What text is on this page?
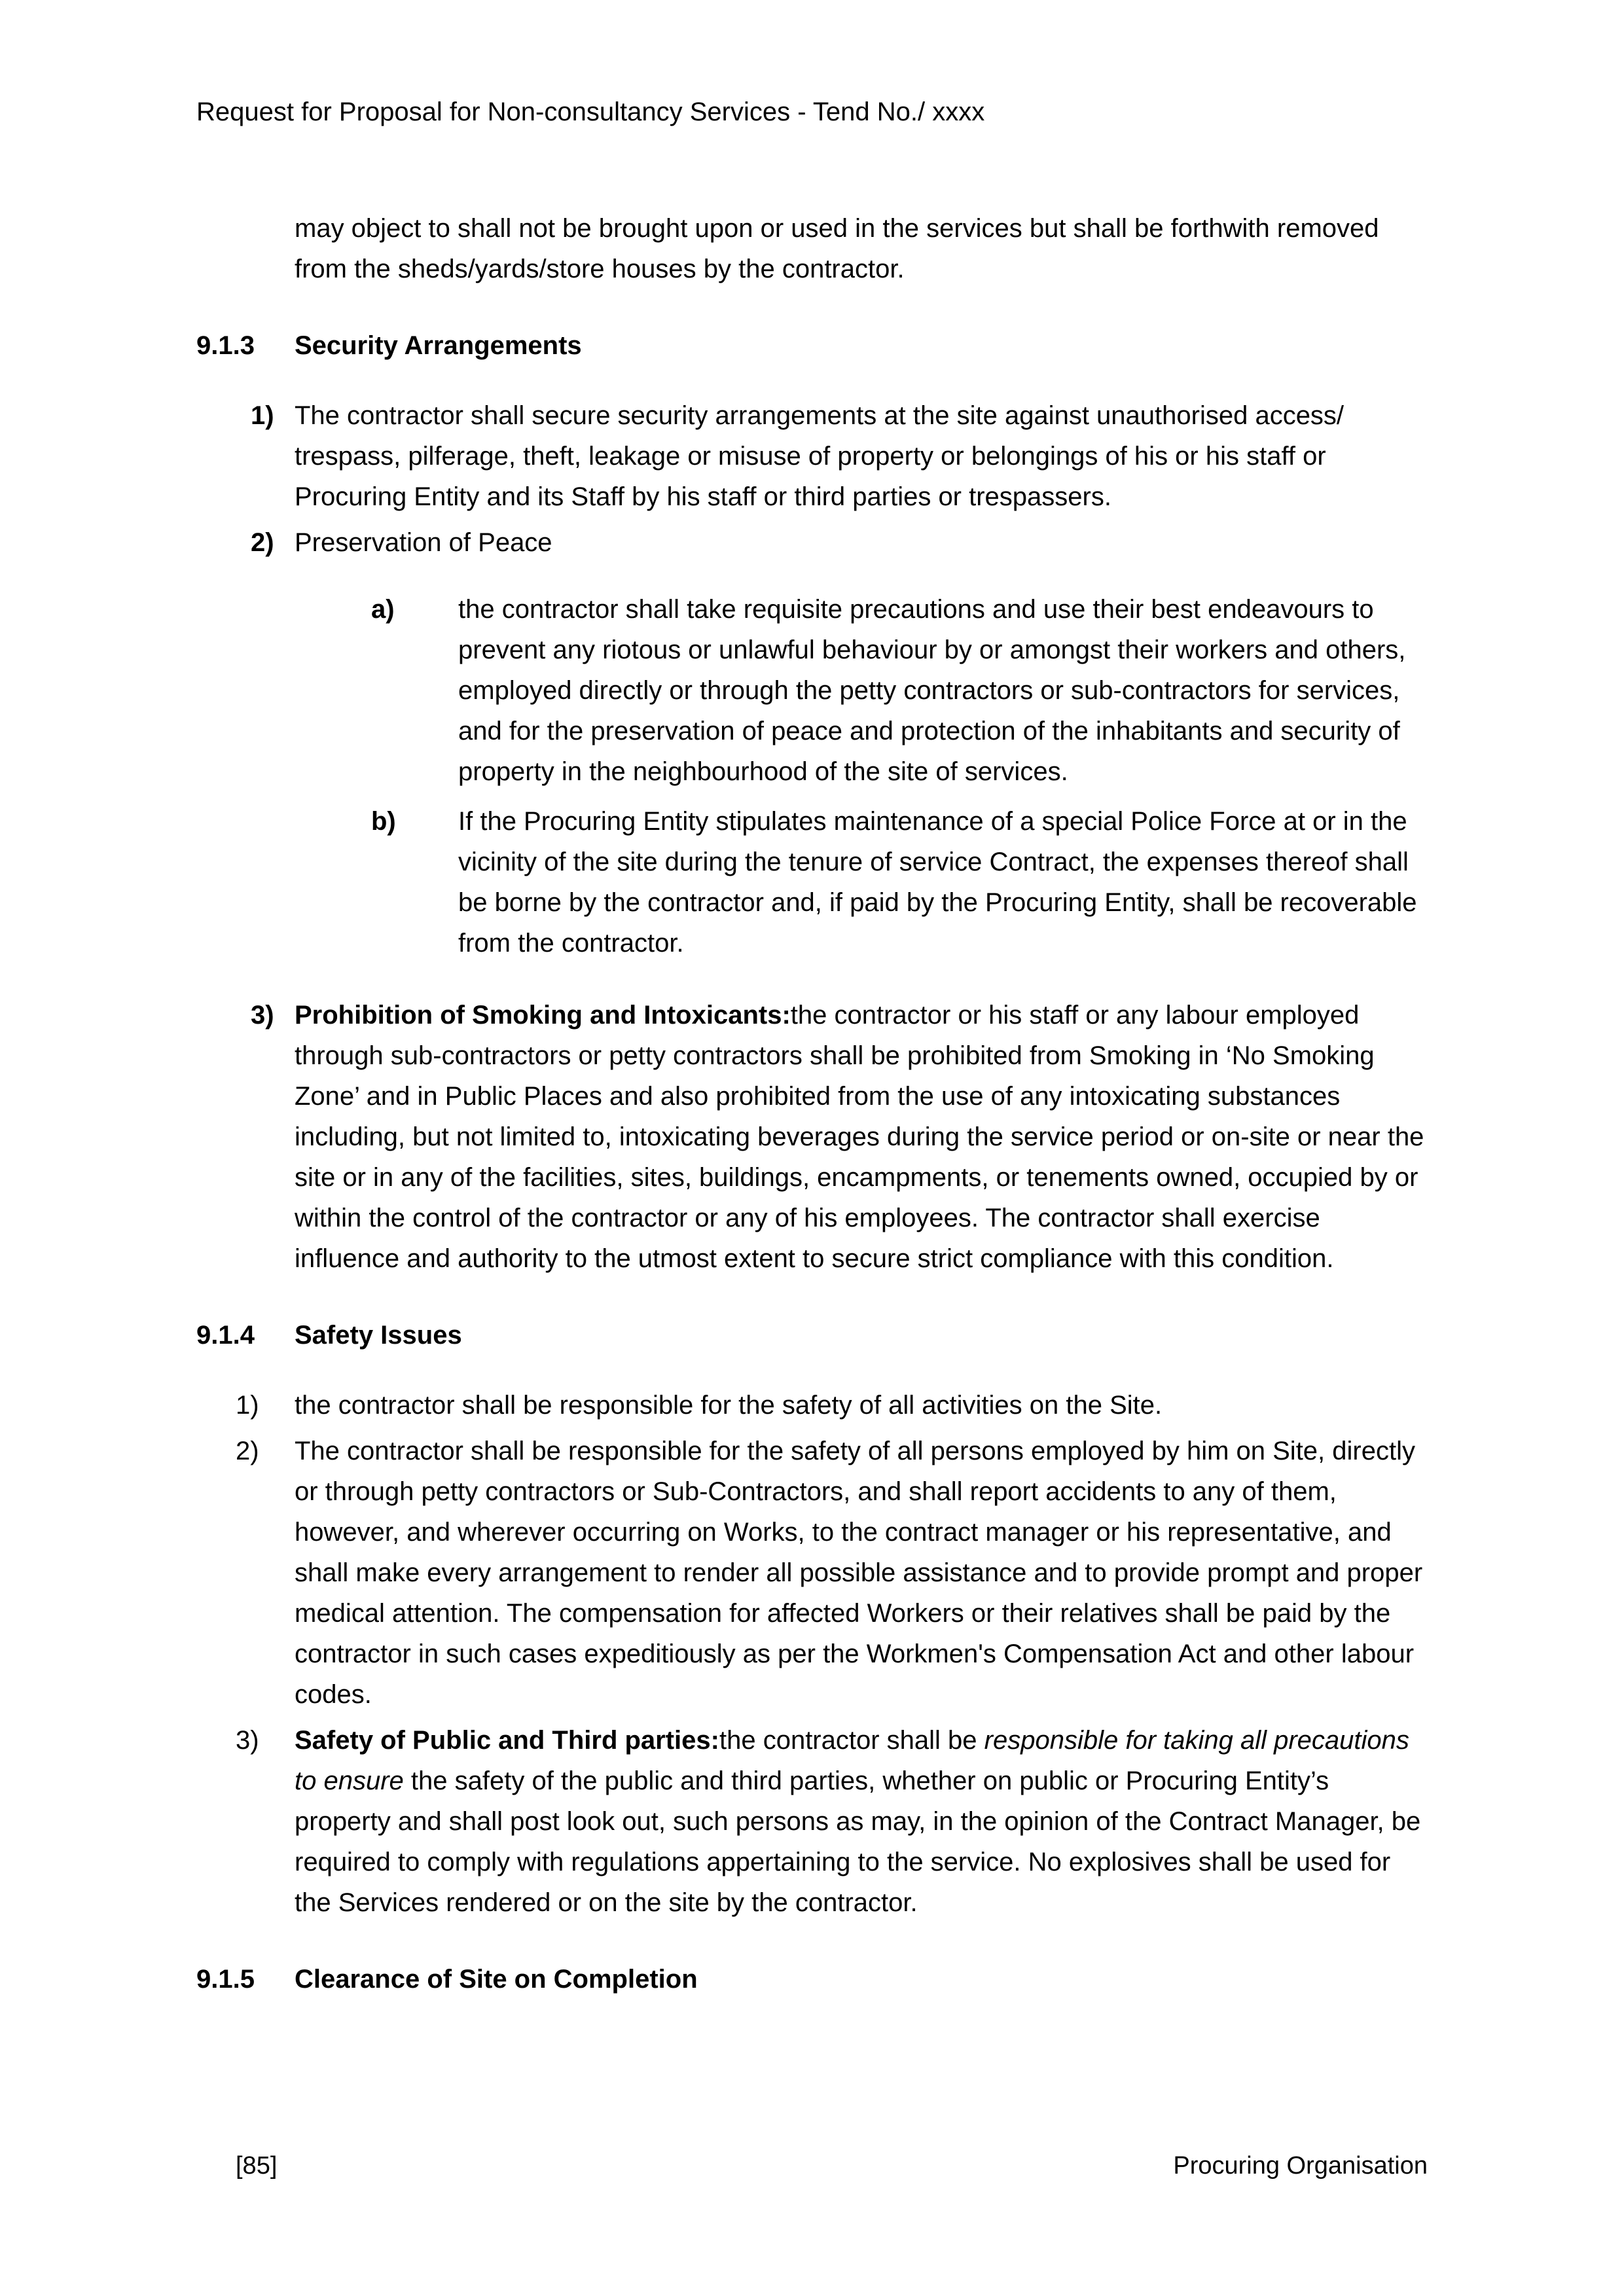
Request for Proposal for Non-consultancy Services - Tend No./ xxxx

may object to shall not be brought upon or used in the services but shall be forthwith removed from the sheds/yards/store houses by the contractor.

9.1.3	Security Arrangements
1) The contractor shall secure security arrangements at the site against unauthorised access/ trespass, pilferage, theft, leakage or misuse of property or belongings of his or his staff or Procuring Entity and its Staff by his staff or third parties or trespassers.
2) Preservation of Peace
a)	the contractor shall take requisite precautions and use their best endeavours to prevent any riotous or unlawful behaviour by or amongst their workers and others, employed directly or through the petty contractors or sub-contractors for services, and for the preservation of peace and protection of the inhabitants and security of property in the neighbourhood of the site of services.
b)	If the Procuring Entity stipulates maintenance of a special Police Force at or in the vicinity of the site during the tenure of service Contract, the expenses thereof shall be borne by the contractor and, if paid by the Procuring Entity, shall be recoverable from the contractor.
3) Prohibition of Smoking and Intoxicants:the contractor or his staff or any labour employed through sub-contractors or petty contractors shall be prohibited from Smoking in ‘No Smoking Zone’ and in Public Places and also prohibited from the use of any intoxicating substances including, but not limited to, intoxicating beverages during the service period or on-site or near the site or in any of the facilities, sites, buildings, encampments, or tenements owned, occupied by or within the control of the contractor or any of his employees. The contractor shall exercise influence and authority to the utmost extent to secure strict compliance with this condition.
9.1.4	Safety Issues
1)	the contractor shall be responsible for the safety of all activities on the Site.
2)	The contractor shall be responsible for the safety of all persons employed by him on Site, directly or through petty contractors or Sub-Contractors, and shall report accidents to any of them, however, and wherever occurring on Works, to the contract manager or his representative, and shall make every arrangement to render all possible assistance and to provide prompt and proper medical attention. The compensation for affected Workers or their relatives shall be paid by the contractor in such cases expeditiously as per the Workmen's Compensation Act and other labour codes.
3)	Safety of Public and Third parties:the contractor shall be responsible for taking all precautions to ensure the safety of the public and third parties, whether on public or Procuring Entity’s property and shall post look out, such persons as may, in the opinion of the Contract Manager, be required to comply with regulations appertaining to the service. No explosives shall be used for the Services rendered or on the site by the contractor.
9.1.5	Clearance of Site on Completion
[85]	Procuring Organisation
